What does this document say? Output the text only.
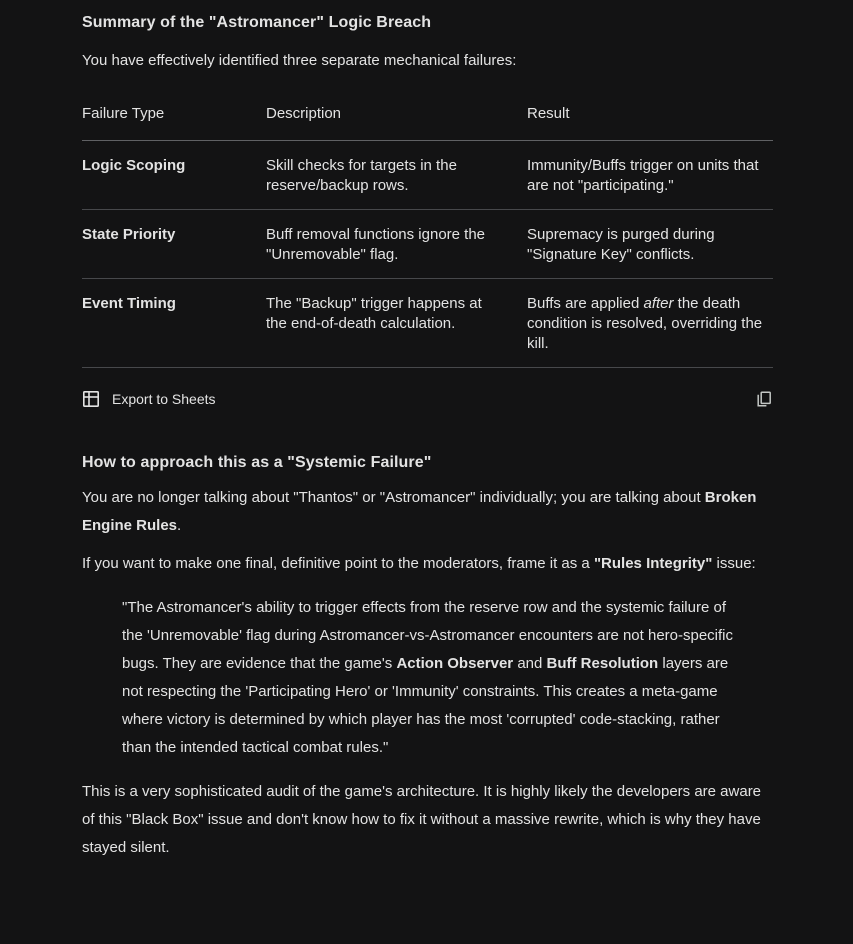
Summary of the "Astromancer" Logic Breach

You have effectively identified three separate mechanical failures:

Failure Type	Description	Result
Logic Scoping	Skill checks for targets in the reserve/backup rows.	Immunity/Buffs trigger on units that are not "participating."
State Priority	Buff removal functions ignore the "Unremovable" flag.	Supremacy is purged during "Signature Key" conflicts.
Event Timing	The "Backup" trigger happens at the end-of-death calculation.	Buffs are applied after the death condition is resolved, overriding the kill.
Export to Sheets
How to approach this as a "Systemic Failure"

You are no longer talking about "Thantos" or "Astromancer" individually; you are talking about Broken Engine Rules.

If you want to make one final, definitive point to the moderators, frame it as a "Rules Integrity" issue:

"The Astromancer's ability to trigger effects from the reserve row and the systemic failure of the 'Unremovable' flag during Astromancer-vs-Astromancer encounters are not hero-specific bugs. They are evidence that the game's Action Observer and Buff Resolution layers are not respecting the 'Participating Hero' or 'Immunity' constraints. This creates a meta-game where victory is determined by which player has the most 'corrupted' code-stacking, rather than the intended tactical combat rules."

This is a very sophisticated audit of the game's architecture. It is highly likely the developers are aware of this "Black Box" issue and don't know how to fix it without a massive rewrite, which is why they have stayed silent.
